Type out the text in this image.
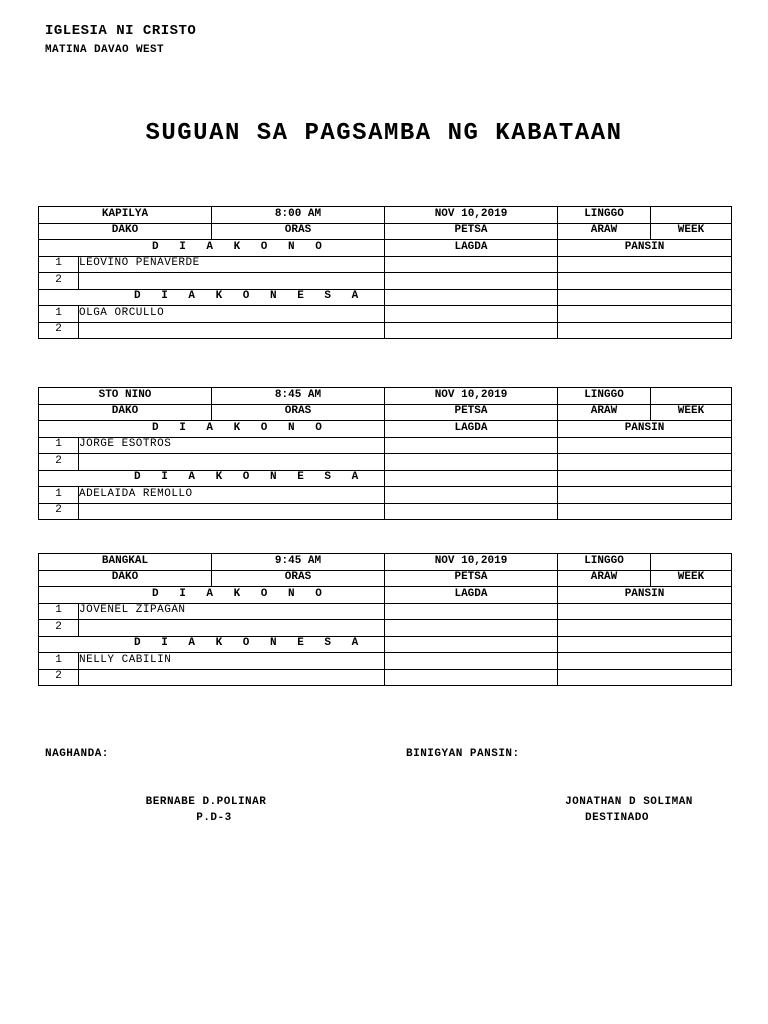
IGLESIA NI CRISTO
MATINA DAVAO WEST
SUGUAN SA PAGSAMBA NG KABATAAN
KAPILYA		8:00 AM	NOV 10,2019	LINGGO	
DAKO		ORAS	PETSA	ARAW	WEEK
D I A K O N O			LAGDA	PANSIN	
1	LEOVINO PENAVERDE				
2					
D I A K O N E S A					
1	OLGA ORCULLO				
2					
STO NINO		8:45 AM	NOV 10,2019	LINGGO	
DAKO		ORAS	PETSA	ARAW	WEEK
D I A K O N O			LAGDA	PANSIN	
1	JORGE ESOTROS				
2					
D I A K O N E S A					
1	ADELAIDA REMOLLO				
2					
BANGKAL		9:45 AM	NOV 10,2019	LINGGO	
DAKO		ORAS	PETSA	ARAW	WEEK
D I A K O N O			LAGDA	PANSIN	
1	JOVENEL ZIPAGAN				
2					
D I A K O N E S A					
1	NELLY CABILIN				
2					
NAGHANDA:	BINIGYAN PANSIN:
BERNABE D.POLINAR
P.D-3
JONATHAN D SOLIMAN
DESTINADO
